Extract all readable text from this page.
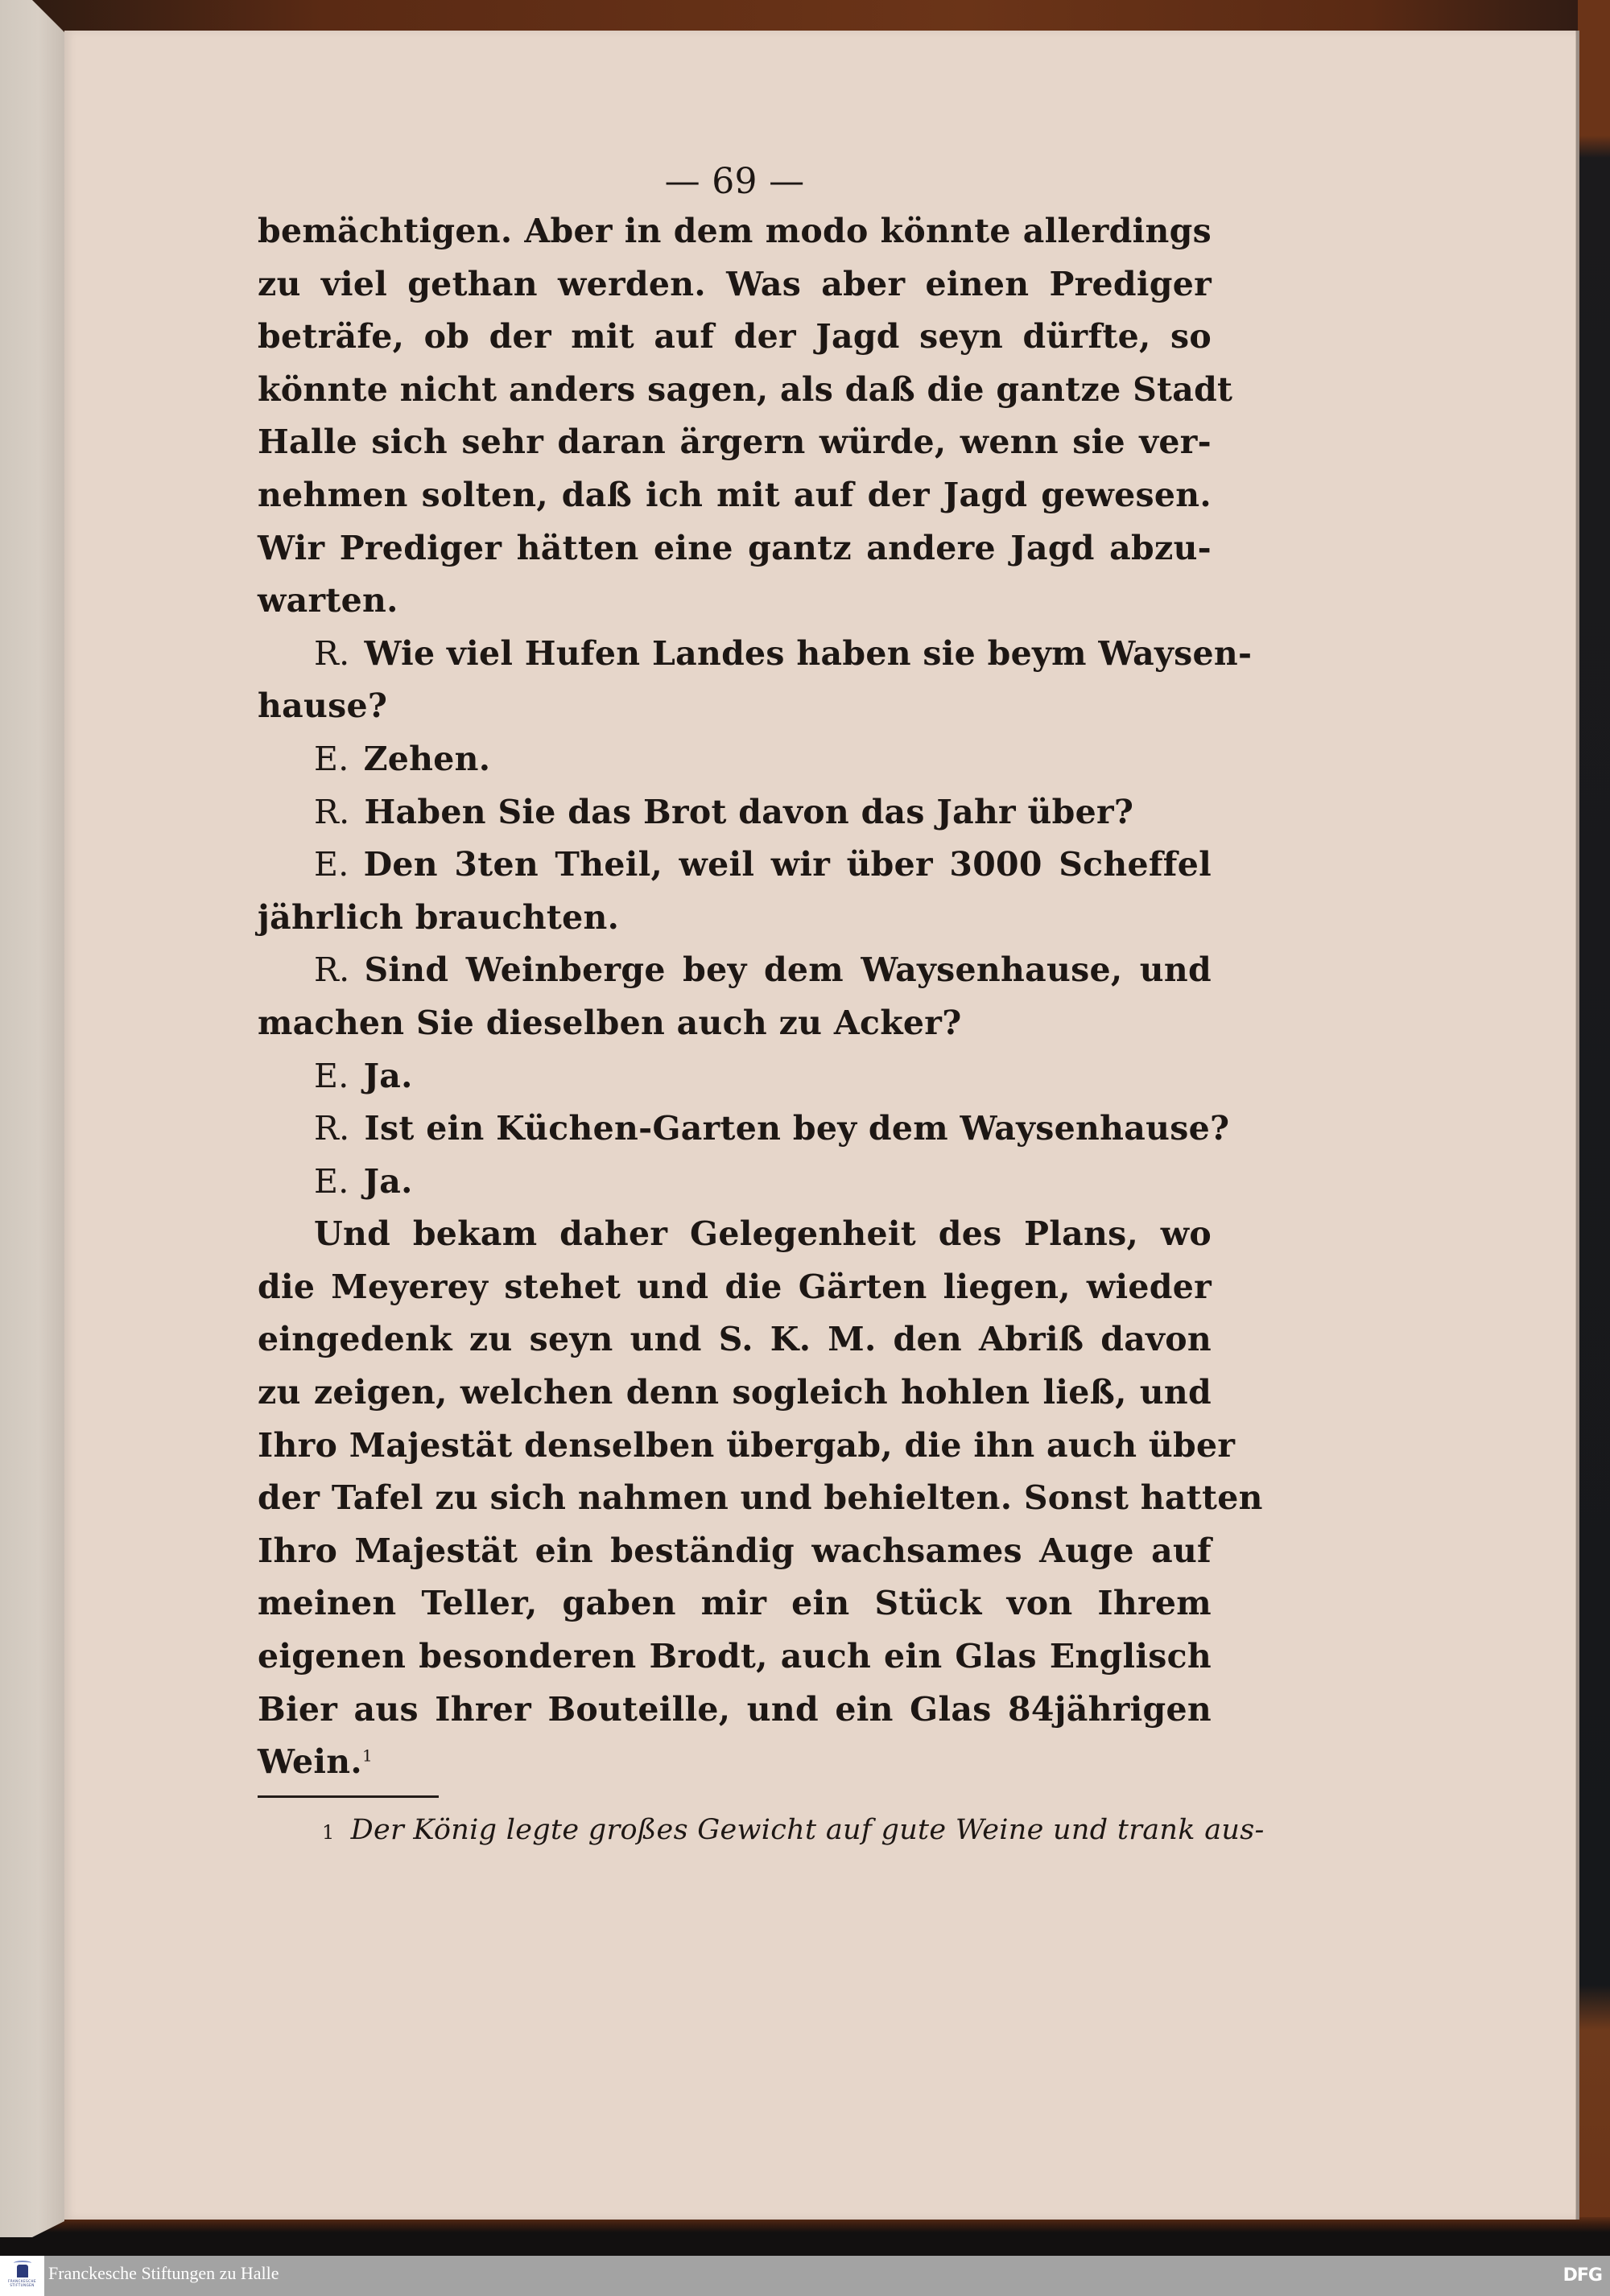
— 69 —
bemächtigen. Aber in dem modo könnte allerdings
zu viel gethan werden. Was aber einen Prediger
beträfe, ob der mit auf der Jagd seyn dürfte, so
könnte nicht anders sagen, als daß die gantze Stadt
Halle sich sehr daran ärgern würde, wenn sie ver-
nehmen solten, daß ich mit auf der Jagd gewesen.
Wir Prediger hätten eine gantz andere Jagd abzu-
warten.
R. Wie viel Hufen Landes haben sie beym Waysen-
hause?
E. Zehen.
R. Haben Sie das Brot davon das Jahr über?
E. Den 3ten Theil, weil wir über 3000 Scheffel
jährlich brauchten.
R. Sind Weinberge bey dem Waysenhause, und
machen Sie dieselben auch zu Acker?
E. Ja.
R. Ist ein Küchen-Garten bey dem Waysenhause?
E. Ja.
Und bekam daher Gelegenheit des Plans, wo
die Meyerey stehet und die Gärten liegen, wieder
eingedenk zu seyn und S. K. M. den Abriß davon
zu zeigen, welchen denn sogleich hohlen ließ, und
Ihro Majestät denselben übergab, die ihn auch über
der Tafel zu sich nahmen und behielten. Sonst hatten
Ihro Majestät ein beständig wachsames Auge auf
meinen Teller, gaben mir ein Stück von Ihrem
eigenen besonderen Brodt, auch ein Glas Englisch
Bier aus Ihrer Bouteille, und ein Glas 84jährigen
Wein.$^1$
1 Der König legte großes Gewicht auf gute Weine und trank aus-
FRANCKESCHE
STIFTUNGEN
Franckesche Stiftungen zu Halle	DFG
